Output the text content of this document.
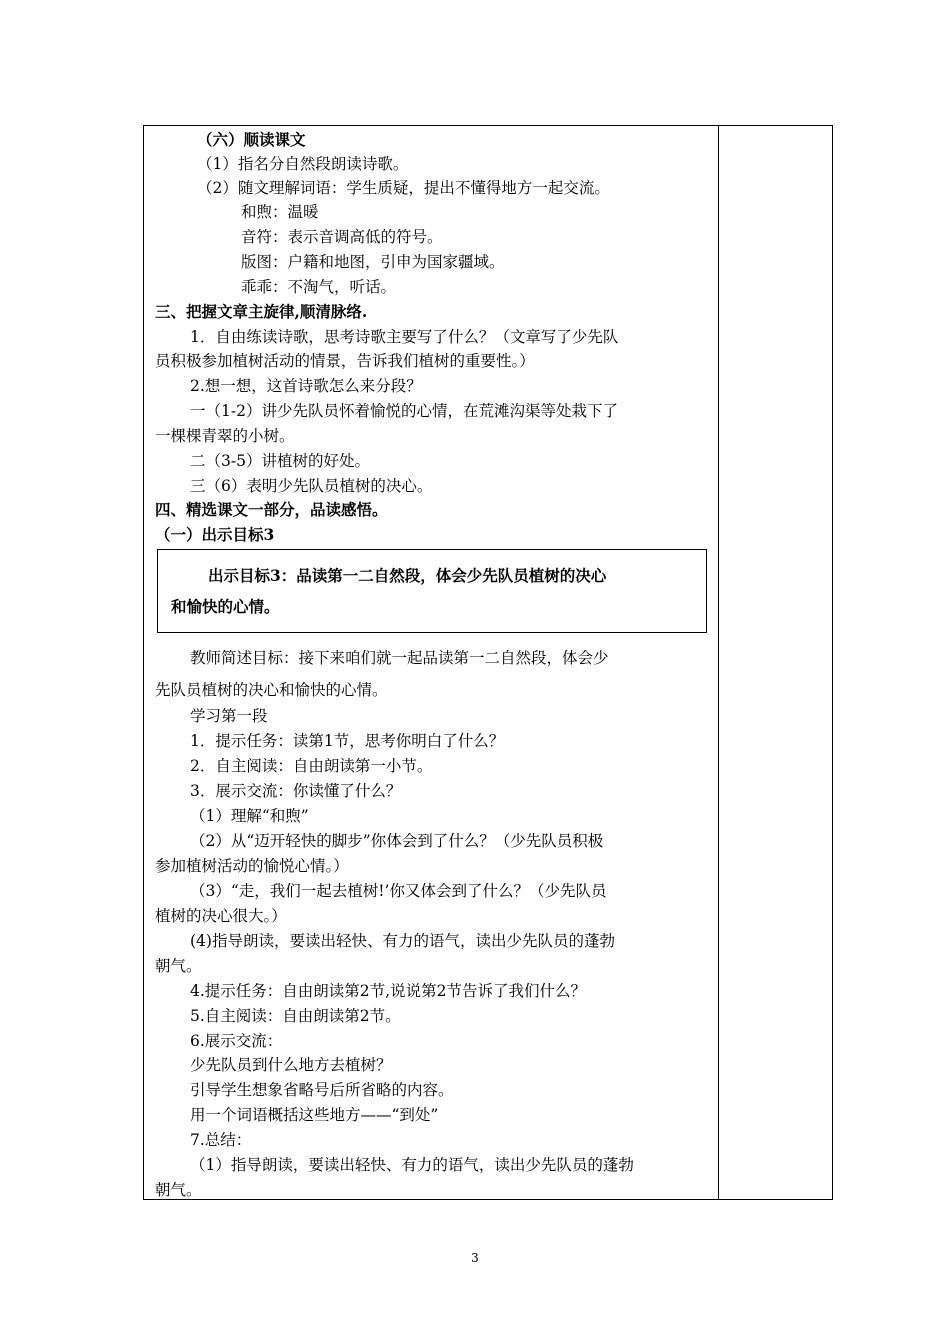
（六）顺读课文
（1）指名分自然段朗读诗歌。
（2）随文理解词语：学生质疑，提出不懂得地方一起交流。
和煦：温暖
音符：表示音调高低的符号。
版图：户籍和地图，引申为国家疆域。
乖乖：不淘气，听话。
三、把握文章主旋律,顺清脉络.
1．自由练读诗歌，思考诗歌主要写了什么？（文章写了少先队
员积极参加植树活动的情景，告诉我们植树的重要性。）
2.想一想，这首诗歌怎么来分段？
一（1-2）讲少先队员怀着愉悦的心情，在荒滩沟渠等处栽下了
一棵棵青翠的小树。
二（3-5）讲植树的好处。
三（6）表明少先队员植树的决心。
四、精选课文一部分，品读感悟。
（一）出示目标3
出示目标3：品读第一二自然段，体会少先队员植树的决心
和愉快的心情。
教师简述目标：接下来咱们就一起品读第一二自然段，体会少
先队员植树的决心和愉快的心情。
学习第一段
1．提示任务：读第1节，思考你明白了什么？
2．自主阅读：自由朗读第一小节。
3．展示交流：你读懂了什么？
（1）理解“和煦”
（2）从“迈开轻快的脚步”你体会到了什么？（少先队员积极
参加植树活动的愉悦心情。）
（3）“走，我们一起去植树!’你又体会到了什么？（少先队员
植树的决心很大。）
(4)指导朗读，要读出轻快、有力的语气，读出少先队员的蓬勃
朝气。
4.提示任务：自由朗读第2节,说说第2节告诉了我们什么？
5.自主阅读：自由朗读第2节。
6.展示交流：
少先队员到什么地方去植树？
引导学生想象省略号后所省略的内容。
用一个词语概括这些地方——“到处”
7.总结：
（1）指导朗读，要读出轻快、有力的语气，读出少先队员的蓬勃
朝气。
3
